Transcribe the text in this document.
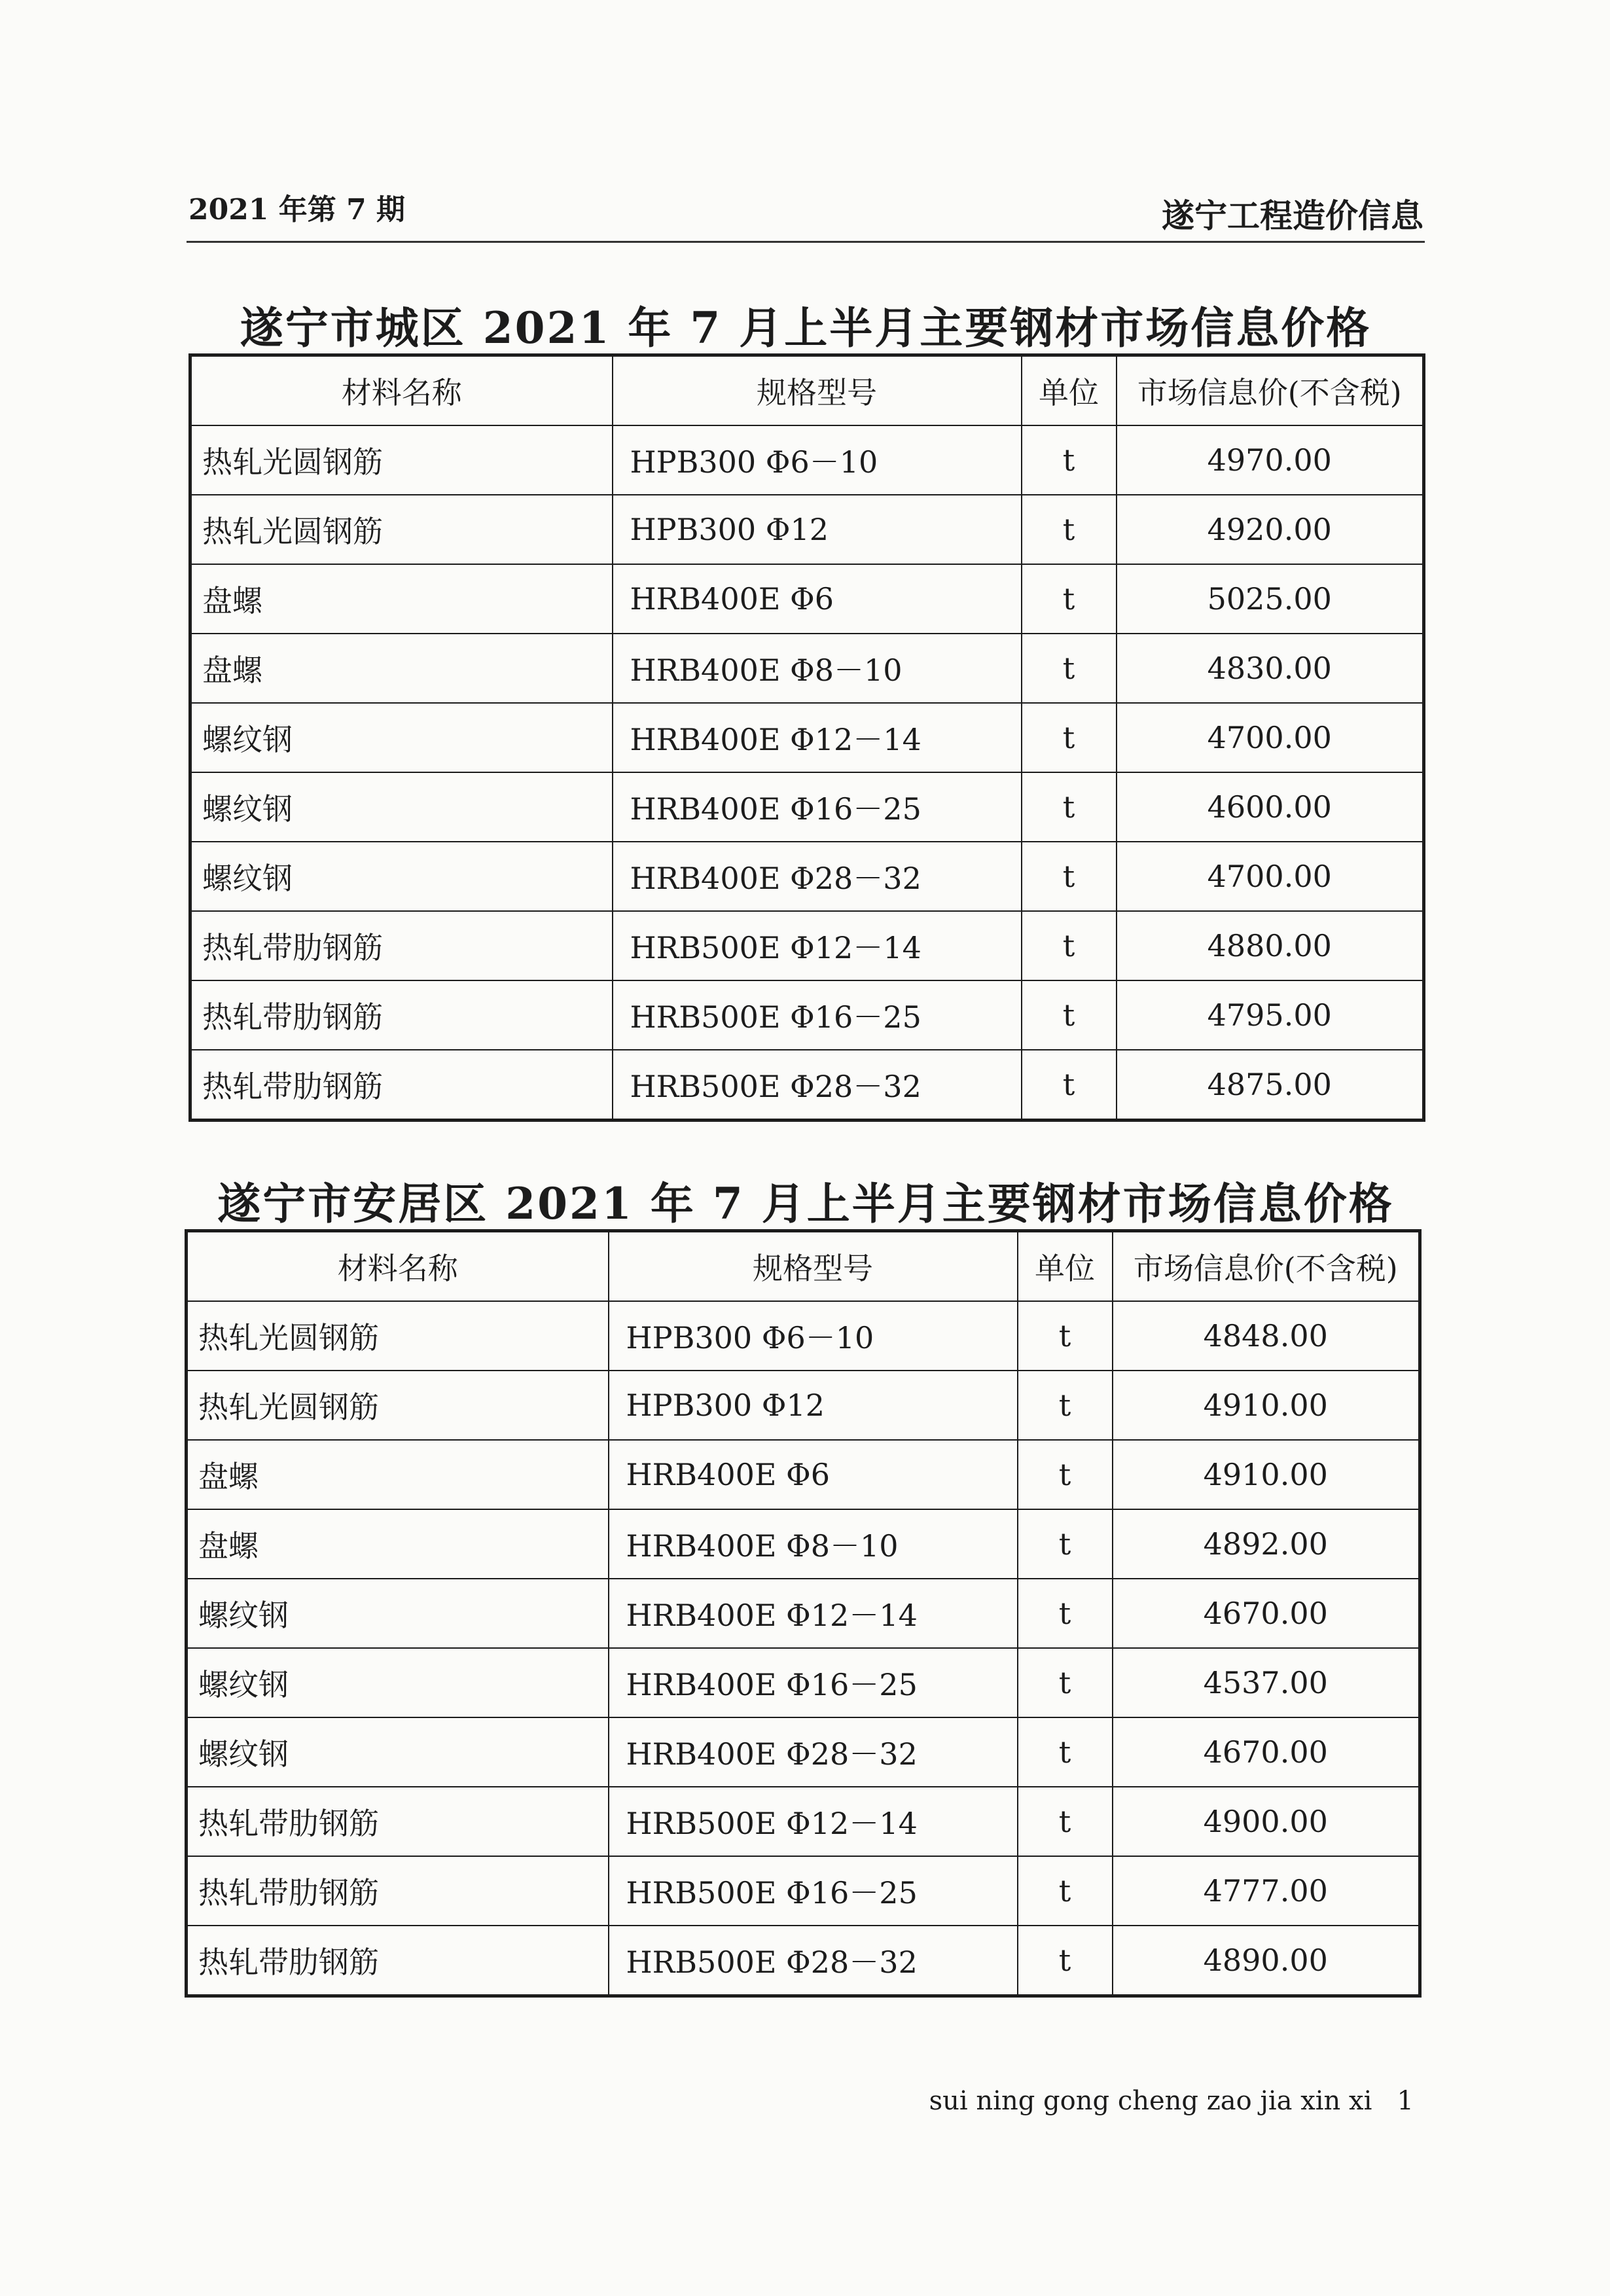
2021 年第 7 期	遂宁工程造价信息
遂宁市城区 2021 年 7 月上半月主要钢材市场信息价格
材料名称	规格型号	单位	市场信息价(不含税)
热轧光圆钢筋	HPB300 Φ6－10	t	4970.00
热轧光圆钢筋	HPB300 Φ12	t	4920.00
盘螺	HRB400E Φ6	t	5025.00
盘螺	HRB400E Φ8－10	t	4830.00
螺纹钢	HRB400E Φ12－14	t	4700.00
螺纹钢	HRB400E Φ16－25	t	4600.00
螺纹钢	HRB400E Φ28－32	t	4700.00
热轧带肋钢筋	HRB500E Φ12－14	t	4880.00
热轧带肋钢筋	HRB500E Φ16－25	t	4795.00
热轧带肋钢筋	HRB500E Φ28－32	t	4875.00
遂宁市安居区 2021 年 7 月上半月主要钢材市场信息价格
材料名称	规格型号	单位	市场信息价(不含税)
热轧光圆钢筋	HPB300 Φ6－10	t	4848.00
热轧光圆钢筋	HPB300 Φ12	t	4910.00
盘螺	HRB400E Φ6	t	4910.00
盘螺	HRB400E Φ8－10	t	4892.00
螺纹钢	HRB400E Φ12－14	t	4670.00
螺纹钢	HRB400E Φ16－25	t	4537.00
螺纹钢	HRB400E Φ28－32	t	4670.00
热轧带肋钢筋	HRB500E Φ12－14	t	4900.00
热轧带肋钢筋	HRB500E Φ16－25	t	4777.00
热轧带肋钢筋	HRB500E Φ28－32	t	4890.00
sui ning gong cheng zao jia xin xi 1
